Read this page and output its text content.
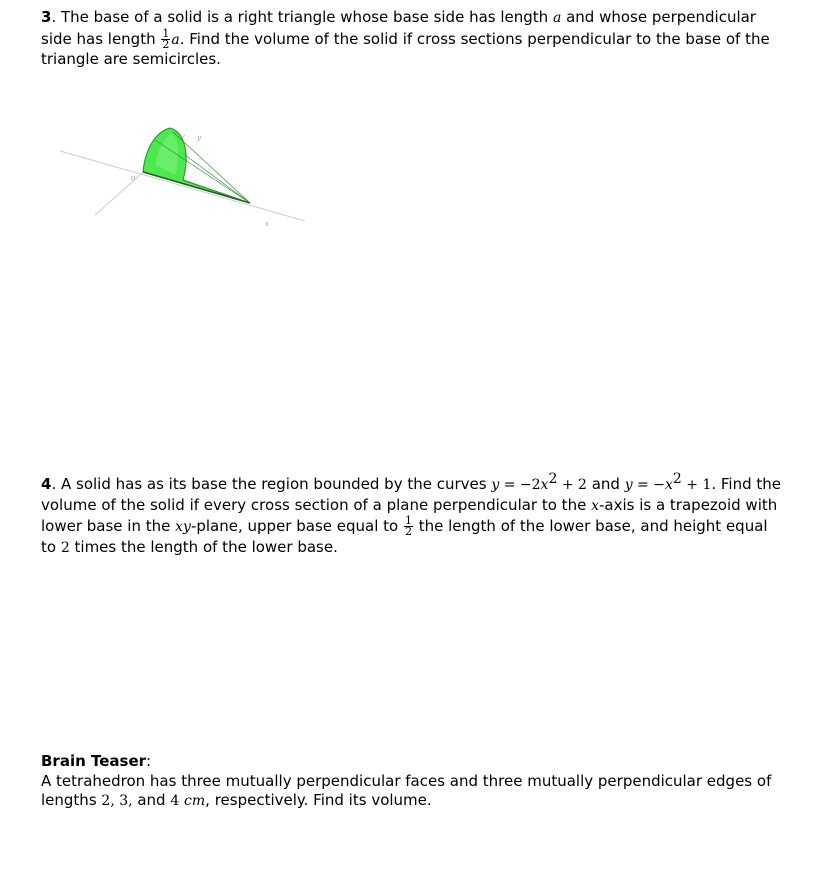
3. The base of a solid is a right triangle whose base side has length a and whose perpendicular side has length $\frac{1}{2} a$. Find the volume of the solid if cross sections perpendicular to the base of the triangle are semicircles.
o
x
y
4. A solid has as its base the region bounded by the curves $y = -2x^2 + 2$ and $y = -x^2 + 1$. Find the volume of the solid if every cross section of a plane perpendicular to the x-axis is a trapezoid with lower base in the xy-plane, upper base equal to $\frac{1}{2}$ the length of the lower base, and height equal to 2 times the length of the lower base.
Brain Teaser:
A tetrahedron has three mutually perpendicular faces and three mutually perpendicular edges of lengths 2, 3, and 4 cm, respectively. Find its volume.
